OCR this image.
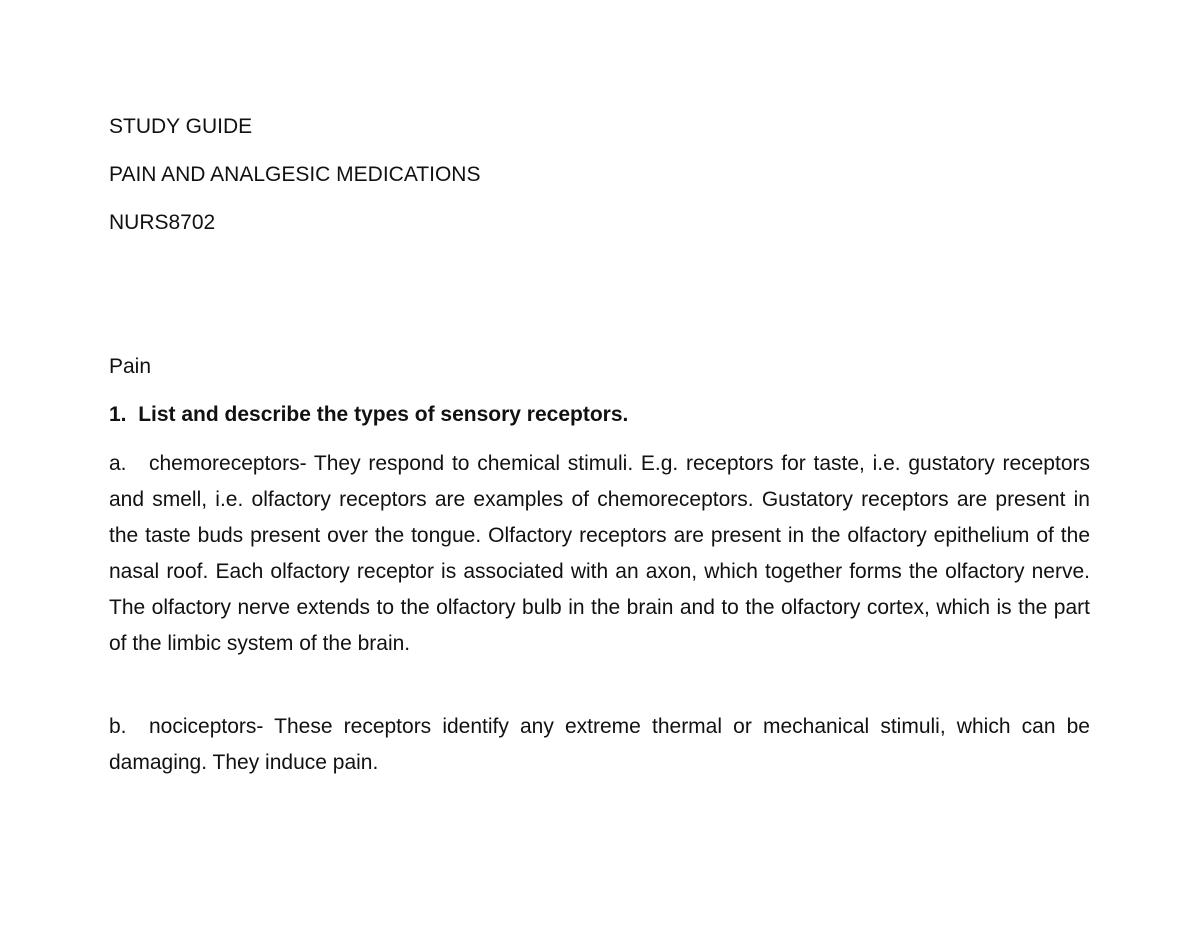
STUDY GUIDE
PAIN AND ANALGESIC MEDICATIONS
NURS8702
Pain
1. List and describe the types of sensory receptors.
a. chemoreceptors- They respond to chemical stimuli. E.g. receptors for taste, i.e. gustatory receptors and smell, i.e. olfactory receptors are examples of chemoreceptors. Gustatory receptors are present in the taste buds present over the tongue. Olfactory receptors are present in the olfactory epithelium of the nasal roof. Each olfactory receptor is associated with an axon, which together forms the olfactory nerve. The olfactory nerve extends to the olfactory bulb in the brain and to the olfactory cortex, which is the part of the limbic system of the brain.
b. nociceptors- These receptors identify any extreme thermal or mechanical stimuli, which can be damaging. They induce pain.
